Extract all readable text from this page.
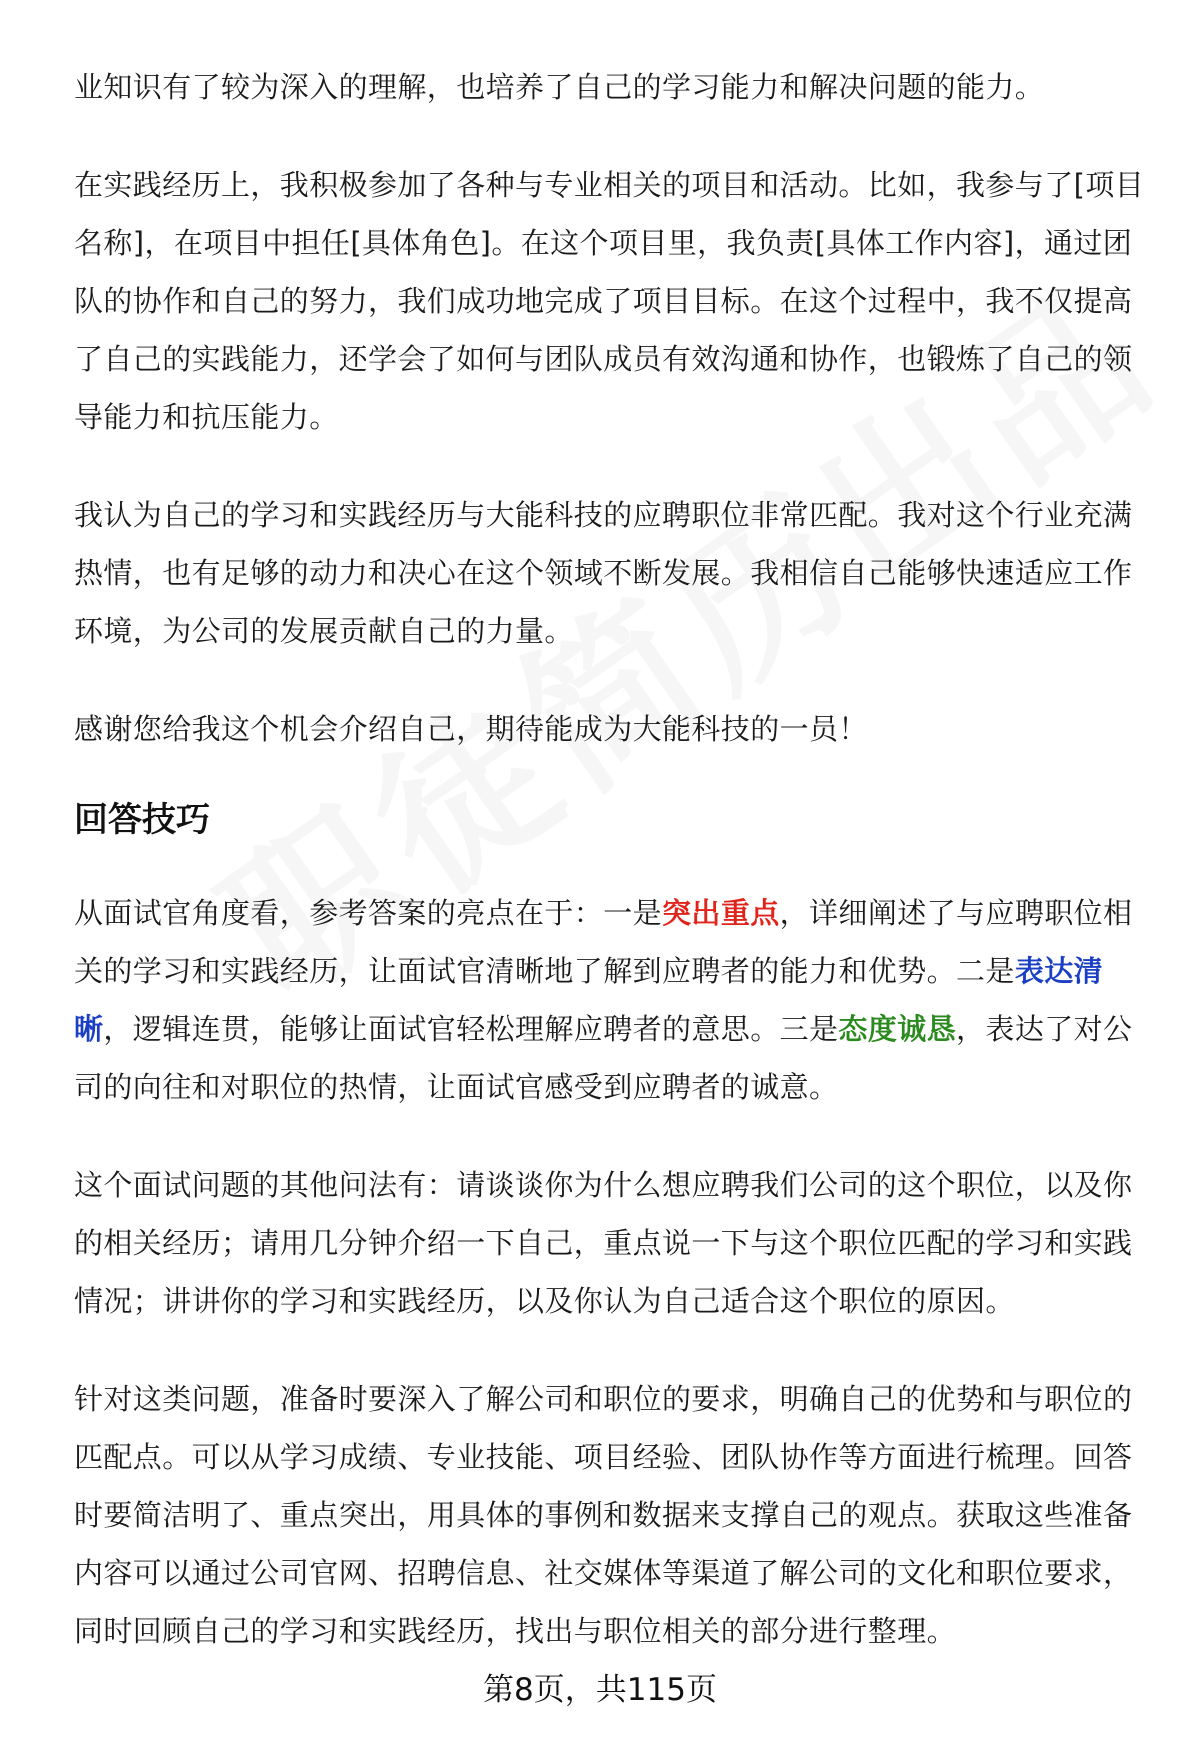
业知识有了较为深入的理解，也培养了自己的学习能力和解决问题的能力。

在实践经历上，我积极参加了各种与专业相关的项目和活动。比如，我参与了[项目名称]，在项目中担任[具体角色]。在这个项目里，我负责[具体工作内容]，通过团队的协作和自己的努力，我们成功地完成了项目目标。在这个过程中，我不仅提高了自己的实践能力，还学会了如何与团队成员有效沟通和协作，也锻炼了自己的领导能力和抗压能力。

我认为自己的学习和实践经历与大能科技的应聘职位非常匹配。我对这个行业充满热情，也有足够的动力和决心在这个领域不断发展。我相信自己能够快速适应工作环境，为公司的发展贡献自己的力量。

感谢您给我这个机会介绍自己，期待能成为大能科技的一员！

回答技巧

从面试官角度看，参考答案的亮点在于：一是突出重点，详细阐述了与应聘职位相关的学习和实践经历，让面试官清晰地了解到应聘者的能力和优势。二是表达清晰，逻辑连贯，能够让面试官轻松理解应聘者的意思。三是态度诚恳，表达了对公司的向往和对职位的热情，让面试官感受到应聘者的诚意。

这个面试问题的其他问法有：请谈谈你为什么想应聘我们公司的这个职位，以及你的相关经历；请用几分钟介绍一下自己，重点说一下与这个职位匹配的学习和实践情况；讲讲你的学习和实践经历，以及你认为自己适合这个职位的原因。

针对这类问题，准备时要深入了解公司和职位的要求，明确自己的优势和与职位的匹配点。可以从学习成绩、专业技能、项目经验、团队协作等方面进行梳理。回答时要简洁明了、重点突出，用具体的事例和数据来支撑自己的观点。获取这些准备内容可以通过公司官网、招聘信息、社交媒体等渠道了解公司的文化和职位要求，同时回顾自己的学习和实践经历，找出与职位相关的部分进行整理。

第8页，共115页
